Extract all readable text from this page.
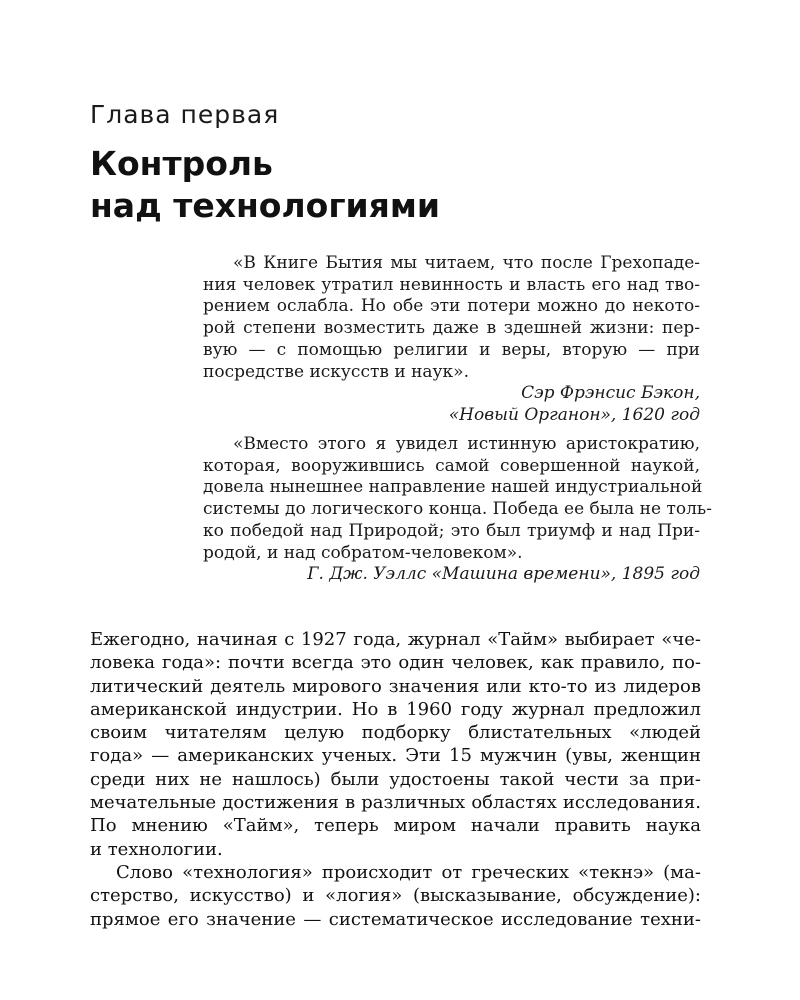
Глава первая
Контроль
над технологиями
«В Книге Бытия мы читаем, что после Грехопаде-
ния человек утратил невинность и власть его над тво-
рением ослабла. Но обе эти потери можно до некото-
рой степени возместить даже в здешней жизни: пер-
вую — с помощью религии и веры, вторую — при
посредстве искусств и наук».
Сэр Фрэнсис Бэкон,
«Новый Органон», 1620 год
«Вместо этого я увидел истинную аристократию,
которая, вооружившись самой совершенной наукой,
довела нынешнее направление нашей индустриальной
системы до логического конца. Победа ее была не толь-
ко победой над Природой; это был триумф и над При-
родой, и над собратом-человеком».
Г. Дж. Уэллс «Машина времени», 1895 год
Ежегодно, начиная с 1927 года, журнал «Тайм» выбирает «че-
ловека года»: почти всегда это один человек, как правило, по-
литический деятель мирового значения или кто-то из лидеров
американской индустрии. Но в 1960 году журнал предложил
своим читателям целую подборку блистательных «людей
года» — американских ученых. Эти 15 мужчин (увы, женщин
среди них не нашлось) были удостоены такой чести за при-
мечательные достижения в различных областях исследования.
По мнению «Тайм», теперь миром начали править наука
и технологии.
Слово «технология» происходит от греческих «текнэ» (ма-
стерство, искусство) и «логия» (высказывание, обсуждение):
прямое его значение — систематическое исследование техни-
